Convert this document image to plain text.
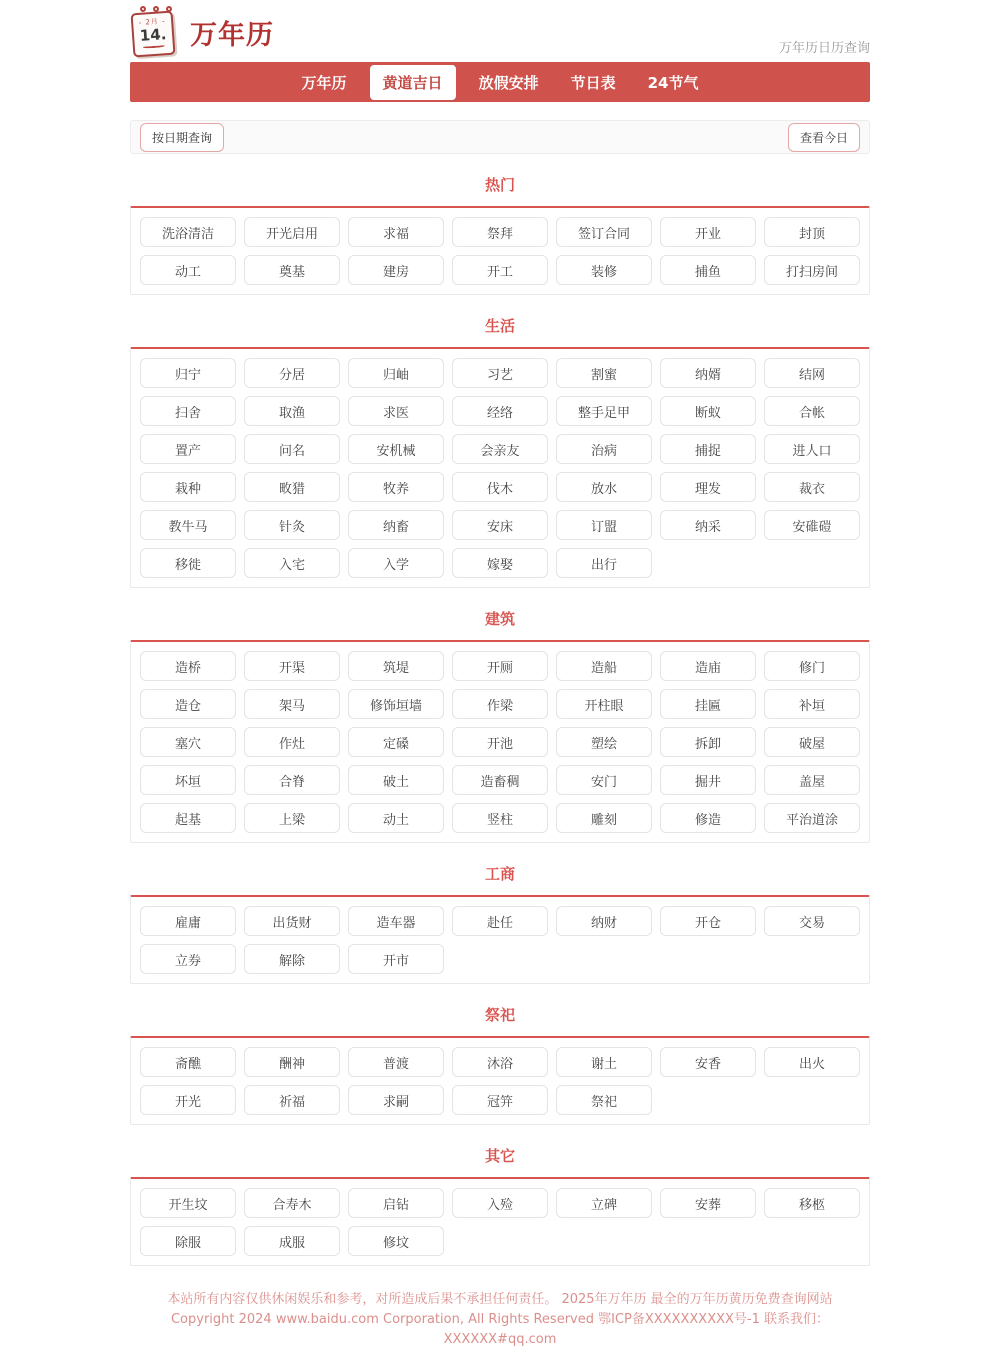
- 2月 -
14. 万年历	万年历日历查询
万年历	黄道吉日	放假安排	节日表	24节气
按日期查询	查看今日
热门
洗浴清洁	开光启用	求福	祭拜	签订合同	开业	封顶
动工	奠基	建房	开工	装修	捕鱼	打扫房间
生活
归宁	分居	归岫	习艺	割蜜	纳婿	结网
扫舍	取渔	求医	经络	整手足甲	断蚁	合帐
置产	问名	安机械	会亲友	治病	捕捉	进人口
栽种	畋猎	牧养	伐木	放水	理发	裁衣
教牛马	针灸	纳畜	安床	订盟	纳采	安碓磑
移徙	入宅	入学	嫁娶	出行
建筑
造桥	开渠	筑堤	开厕	造船	造庙	修门
造仓	架马	修饰垣墙	作梁	开柱眼	挂匾	补垣
塞穴	作灶	定磉	开池	塑绘	拆卸	破屋
坏垣	合脊	破土	造畜稠	安门	掘井	盖屋
起基	上梁	动土	竖柱	雕刻	修造	平治道涂
工商
雇庸	出货财	造车器	赴任	纳财	开仓	交易
立券	解除	开市
祭祀
斋醮	酬神	普渡	沐浴	谢土	安香	出火
开光	祈福	求嗣	冠笄	祭祀
其它
开生坟	合寿木	启钻	入殓	立碑	安葬	移柩
除服	成服	修坟

本站所有内容仅供休闲娱乐和参考，对所造成后果不承担任何责任。 2025年万年历 最全的万年历黄历免费查询网站

Copyright 2024 www.baidu.com Corporation, All Rights Reserved 鄂ICP备XXXXXXXXXX号-1 联系我们：XXXXXX#qq.com
